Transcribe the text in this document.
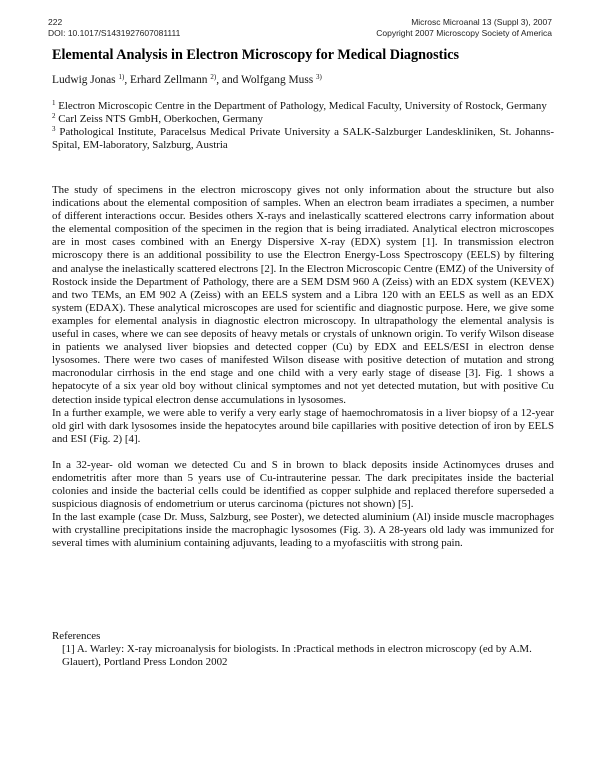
222
DOI: 10.1017/S1431927607081111
Microsc Microanal 13 (Suppl 3), 2007
Copyright 2007 Microscopy Society of America
Elemental Analysis in Electron Microscopy for Medical Diagnostics
Ludwig Jonas $^{1)}$, Erhard Zellmann $^{2)}$, and Wolfgang Muss $^{3)}$
$^1$ Electron Microscopic Centre in the Department of Pathology, Medical Faculty, University of Rostock, Germany
$^2$ Carl Zeiss NTS GmbH, Oberkochen, Germany
$^3$ Pathological Institute, Paracelsus Medical Private University a SALK-Salzburger Landeskliniken, St. Johanns-Spital, EM-laboratory, Salzburg, Austria

The study of specimens in the electron microscopy gives not only information about the structure but also indications about the elemental composition of samples. When an electron beam irradiates a specimen, a number of different interactions occur. Besides others X-rays and inelastically scattered electrons carry information about the elemental composition of the specimen in the region that is being irradiated. Analytical electron microscopes are in most cases combined with an Energy Dispersive X-ray (EDX) system [1]. In transmission electron microscopy there is an additional possibility to use the Electron Energy-Loss Spectroscopy (EELS) by filtering and analyse the inelastically scattered electrons [2]. In the Electron Microscopic Centre (EMZ) of the University of Rostock inside the Department of Pathology, there are a SEM DSM 960 A (Zeiss) with an EDX system (KEVEX) and two TEMs, an EM 902 A (Zeiss) with an EELS system and a Libra 120 with an EELS as well as an EDX system (EDAX). These analytical microscopes are used for scientific and diagnostic purpose. Here, we give some examples for elemental analysis in diagnostic electron microscopy. In ultrapathology the elemental analysis is useful in cases, where we can see deposits of heavy metals or crystals of unknown origin. To verify Wilson disease in patients we analysed liver biopsies and detected copper (Cu) by EDX and EELS/ESI in electron dense lysosomes. There were two cases of manifested Wilson disease with positive detection of mutation and strong macronodular cirrhosis in the end stage and one child with a very early stage of disease [3]. Fig. 1 shows a hepatocyte of a six year old boy without clinical symptomes and not yet detected mutation, but with positive Cu detection inside typical electron dense accumulations in lysosomes.

In a further example, we were able to verify a very early stage of haemochromatosis in a liver biopsy of a 12-year old girl with dark lysosomes inside the hepatocytes around bile capillaries with positive detection of iron by EELS and ESI (Fig. 2) [4].

In a 32-year- old woman we detected Cu and S in brown to black deposits inside Actinomyces druses and endometritis after more than 5 years use of Cu-intrauterine pessar. The dark precipitates inside the bacterial colonies and inside the bacterial cells could be identified as copper sulphide and replaced therefore superseded a suspicious diagnosis of endometrium or uterus carcinoma (pictures not shown) [5].

In the last example (case Dr. Muss, Salzburg, see Poster), we detected aluminium (Al) inside muscle macrophages with crystalline precipitations inside the macrophagic lysosomes (Fig. 3). A 28-years old lady was immunized for several times with aluminium containing adjuvants, leading to a myofasciitis with strong pain.

References
[1] A. Warley: X-ray microanalysis for biologists. In :Practical methods in electron microscopy (ed by A.M. Glauert), Portland Press London 2002
